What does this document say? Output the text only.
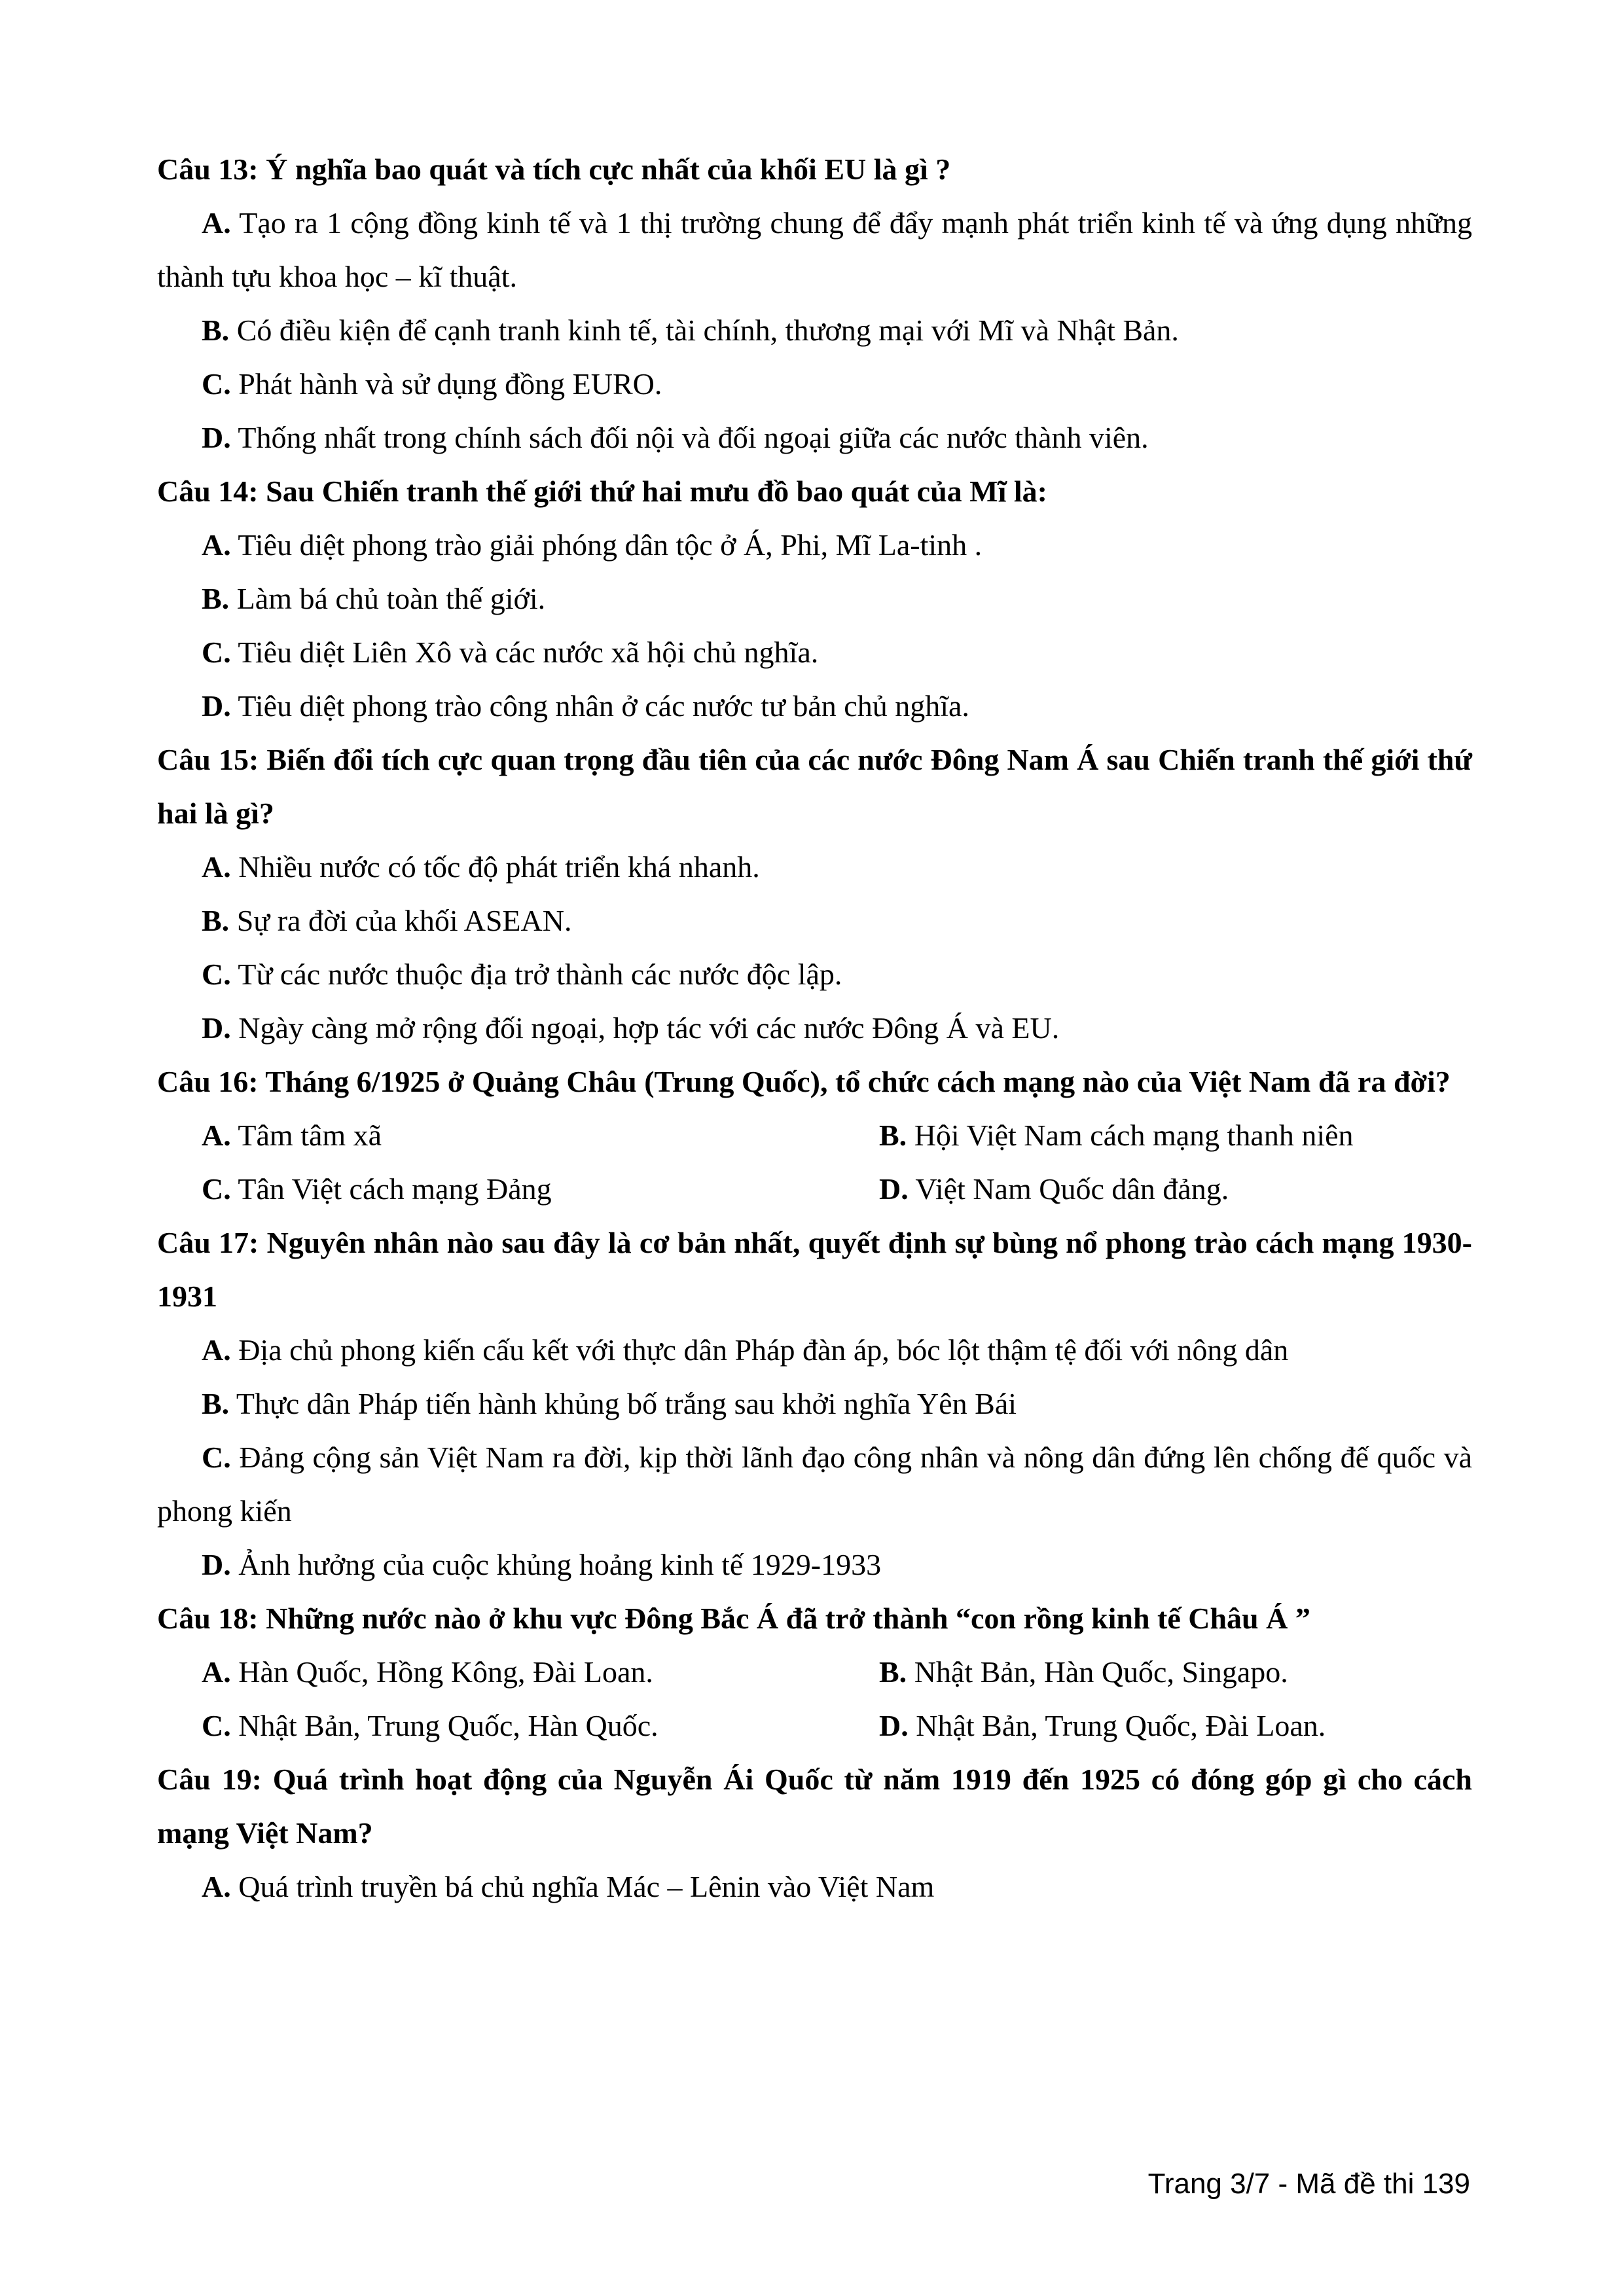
Câu 13: Ý nghĩa bao quát và tích cực nhất của khối EU là gì ?

A. Tạo ra 1 cộng đồng kinh tế và 1 thị trường chung để đẩy mạnh phát triển kinh tế và ứng dụng những thành tựu khoa học – kĩ thuật.

B. Có điều kiện để cạnh tranh kinh tế, tài chính, thương mại với Mĩ và Nhật Bản.

C. Phát hành và sử dụng đồng EURO.

D. Thống nhất trong chính sách đối nội và đối ngoại giữa các nước thành viên.

Câu 14: Sau Chiến tranh thế giới thứ hai mưu đồ bao quát của Mĩ là:

A. Tiêu diệt phong trào giải phóng dân tộc ở Á, Phi, Mĩ La-tinh .

B. Làm bá chủ toàn thế giới.

C. Tiêu diệt Liên Xô và các nước xã hội chủ nghĩa.

D. Tiêu diệt phong trào công nhân ở các nước tư bản chủ nghĩa.

Câu 15: Biến đổi tích cực quan trọng đầu tiên của các nước Đông Nam Á sau Chiến tranh thế giới thứ hai là gì?

A. Nhiều nước có tốc độ phát triển khá nhanh.

B. Sự ra đời của khối ASEAN.

C. Từ các nước thuộc địa trở thành các nước độc lập.

D. Ngày càng mở rộng đối ngoại, hợp tác với các nước Đông Á và EU.

Câu 16: Tháng 6/1925 ở Quảng Châu (Trung Quốc), tổ chức cách mạng nào của Việt Nam đã ra đời?

A. Tâm tâm xã	B. Hội Việt Nam cách mạng thanh niên

C. Tân Việt cách mạng Đảng	D. Việt Nam Quốc dân đảng.

Câu 17: Nguyên nhân nào sau đây là cơ bản nhất, quyết định sự bùng nổ phong trào cách mạng 1930- 1931

A. Địa chủ phong kiến cấu kết với thực dân Pháp đàn áp, bóc lột thậm tệ đối với nông dân

B. Thực dân Pháp tiến hành khủng bố trắng sau khởi nghĩa Yên Bái

C. Đảng cộng sản Việt Nam ra đời, kịp thời lãnh đạo công nhân và nông dân đứng lên chống đế quốc và phong kiến

D. Ảnh hưởng của cuộc khủng hoảng kinh tế 1929-1933

Câu 18: Những nước nào ở khu vực Đông Bắc Á đã trở thành “con rồng kinh tế Châu Á ”

A. Hàn Quốc, Hồng Kông, Đài Loan.	B. Nhật Bản, Hàn Quốc, Singapo.

C. Nhật Bản, Trung Quốc, Hàn Quốc.	D. Nhật Bản, Trung Quốc, Đài Loan.

Câu 19: Quá trình hoạt động của Nguyễn Ái Quốc từ năm 1919 đến 1925 có đóng góp gì cho cách mạng Việt Nam?

A. Quá trình truyền bá chủ nghĩa Mác – Lênin vào Việt Nam

Trang 3/7 - Mã đề thi 139
